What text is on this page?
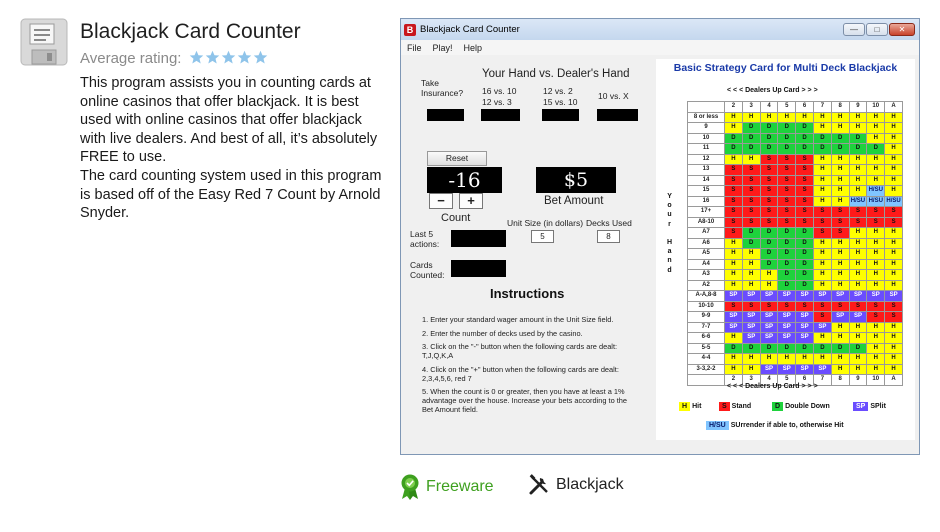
Blackjack Card Counter
Average rating:

This program assists you in counting cards at online casinos that offer blackjack. It is best used with online casinos that offer blackjack with live dealers. And best of all, it’s absolutely FREE to use.

The card counting system used in this program is based off of the Easy Red 7 Count by Arnold Snyder.

B Blackjack Card Counter	—	□	✕
File Play! Help
Take Insurance?
Your Hand vs. Dealer's Hand
16 vs. 10
12 vs. 3
12 vs. 2
15 vs. 10
10 vs. X
Reset
-16
−	+
Count
$5
Bet Amount
Unit Size (in dollars) Decks Used
5	8
Last 5 actions:
Cards Counted:
Instructions

1. Enter your standard wager amount in the Unit Size field.

2. Enter the number of decks used by the casino.

3. Click on the "-" button when the following cards are dealt: T,J,Q,K,A

4. Click on the "+" button when the following cards are dealt: 2,3,4,5,6, red 7

5. When the count is 0 or greater, then you have at least a 1% advantage over the house. Increase your bets according to the Bet Amount field.

Basic Strategy Card for Multi Deck Blackjack
< < < Dealers Up Card > > >
Y
o
u
r

H
a
n
d
	2	3	4	5	6	7	8	9	10	A
8 or less	H	H	H	H	H	H	H	H	H	H
9	H	D	D	D	D	H	H	H	H	H
10	D	D	D	D	D	D	D	D	H	H
11	D	D	D	D	D	D	D	D	D	H
12	H	H	S	S	S	H	H	H	H	H
13	S	S	S	S	S	H	H	H	H	H
14	S	S	S	S	S	H	H	H	H	H
15	S	S	S	S	S	H	H	H	H/SU	H
16	S	S	S	S	S	H	H	H/SU	H/SU	H/SU
17+	S	S	S	S	S	S	S	S	S	S
A8-10	S	S	S	S	S	S	S	S	S	S
A7	S	D	D	D	D	S	S	H	H	H
A6	H	D	D	D	D	H	H	H	H	H
A5	H	H	D	D	D	H	H	H	H	H
A4	H	H	D	D	D	H	H	H	H	H
A3	H	H	H	D	D	H	H	H	H	H
A2	H	H	H	D	D	H	H	H	H	H
A-A,8-8	SP	SP	SP	SP	SP	SP	SP	SP	SP	SP
10-10	S	S	S	S	S	S	S	S	S	S
9-9	SP	SP	SP	SP	SP	S	SP	SP	S	S
7-7	SP	SP	SP	SP	SP	SP	H	H	H	H
6-6	H	SP	SP	SP	SP	H	H	H	H	H
5-5	D	D	D	D	D	D	D	D	H	H
4-4	H	H	H	H	H	H	H	H	H	H
3-3,2-2	H	H	SP	SP	SP	SP	H	H	H	H
	2	3	4	5	6	7	8	9	10	A
< < < Dealers Up Card > > >
H Hit	S Stand	D Double Down	SP SPlit
H/SU SUrrender if able to, otherwise Hit
Freeware	Blackjack
